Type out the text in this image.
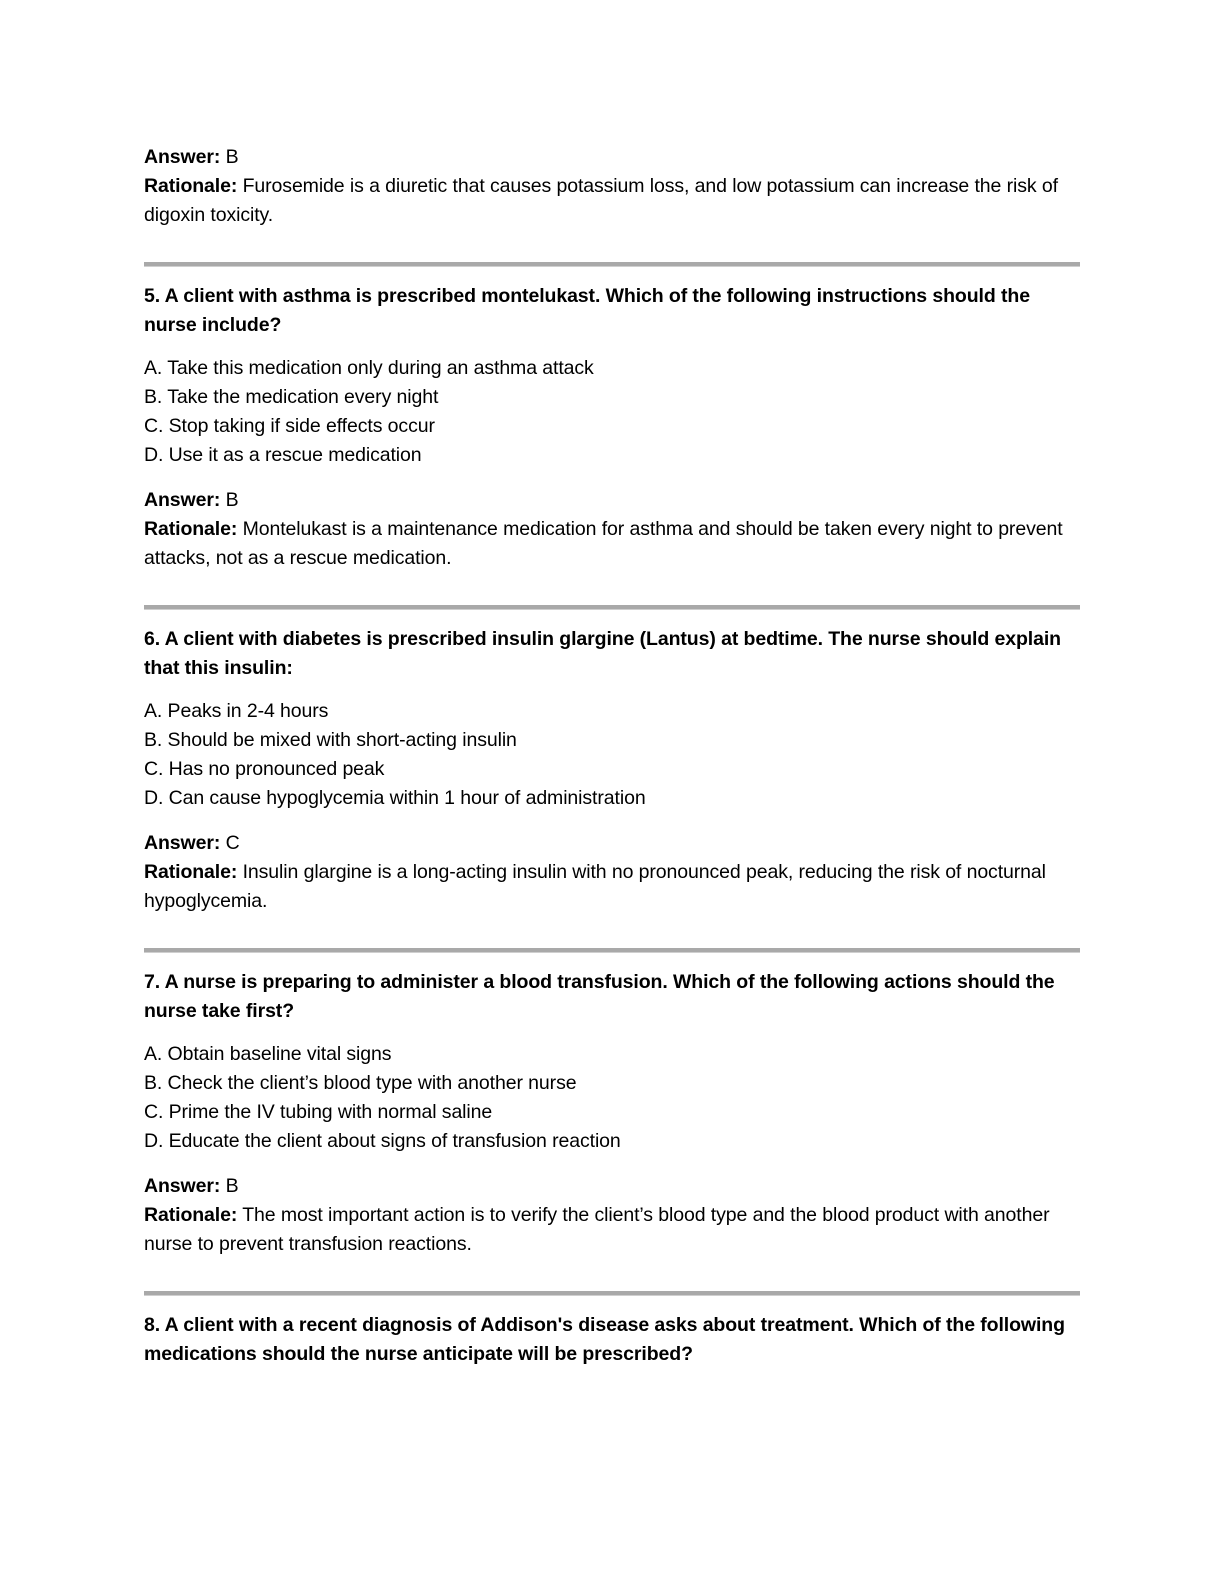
Answer: B
Rationale: Furosemide is a diuretic that causes potassium loss, and low potassium can increase the risk of digoxin toxicity.

5. A client with asthma is prescribed montelukast. Which of the following instructions should the nurse include?

A. Take this medication only during an asthma attack
B. Take the medication every night
C. Stop taking if side effects occur
D. Use it as a rescue medication
Answer: B
Rationale: Montelukast is a maintenance medication for asthma and should be taken every night to prevent attacks, not as a rescue medication.

6. A client with diabetes is prescribed insulin glargine (Lantus) at bedtime. The nurse should explain that this insulin:

A. Peaks in 2-4 hours
B. Should be mixed with short-acting insulin
C. Has no pronounced peak
D. Can cause hypoglycemia within 1 hour of administration
Answer: C
Rationale: Insulin glargine is a long-acting insulin with no pronounced peak, reducing the risk of nocturnal hypoglycemia.

7. A nurse is preparing to administer a blood transfusion. Which of the following actions should the nurse take first?

A. Obtain baseline vital signs
B. Check the client’s blood type with another nurse
C. Prime the IV tubing with normal saline
D. Educate the client about signs of transfusion reaction
Answer: B
Rationale: The most important action is to verify the client’s blood type and the blood product with another nurse to prevent transfusion reactions.

8. A client with a recent diagnosis of Addison's disease asks about treatment. Which of the following medications should the nurse anticipate will be prescribed?
